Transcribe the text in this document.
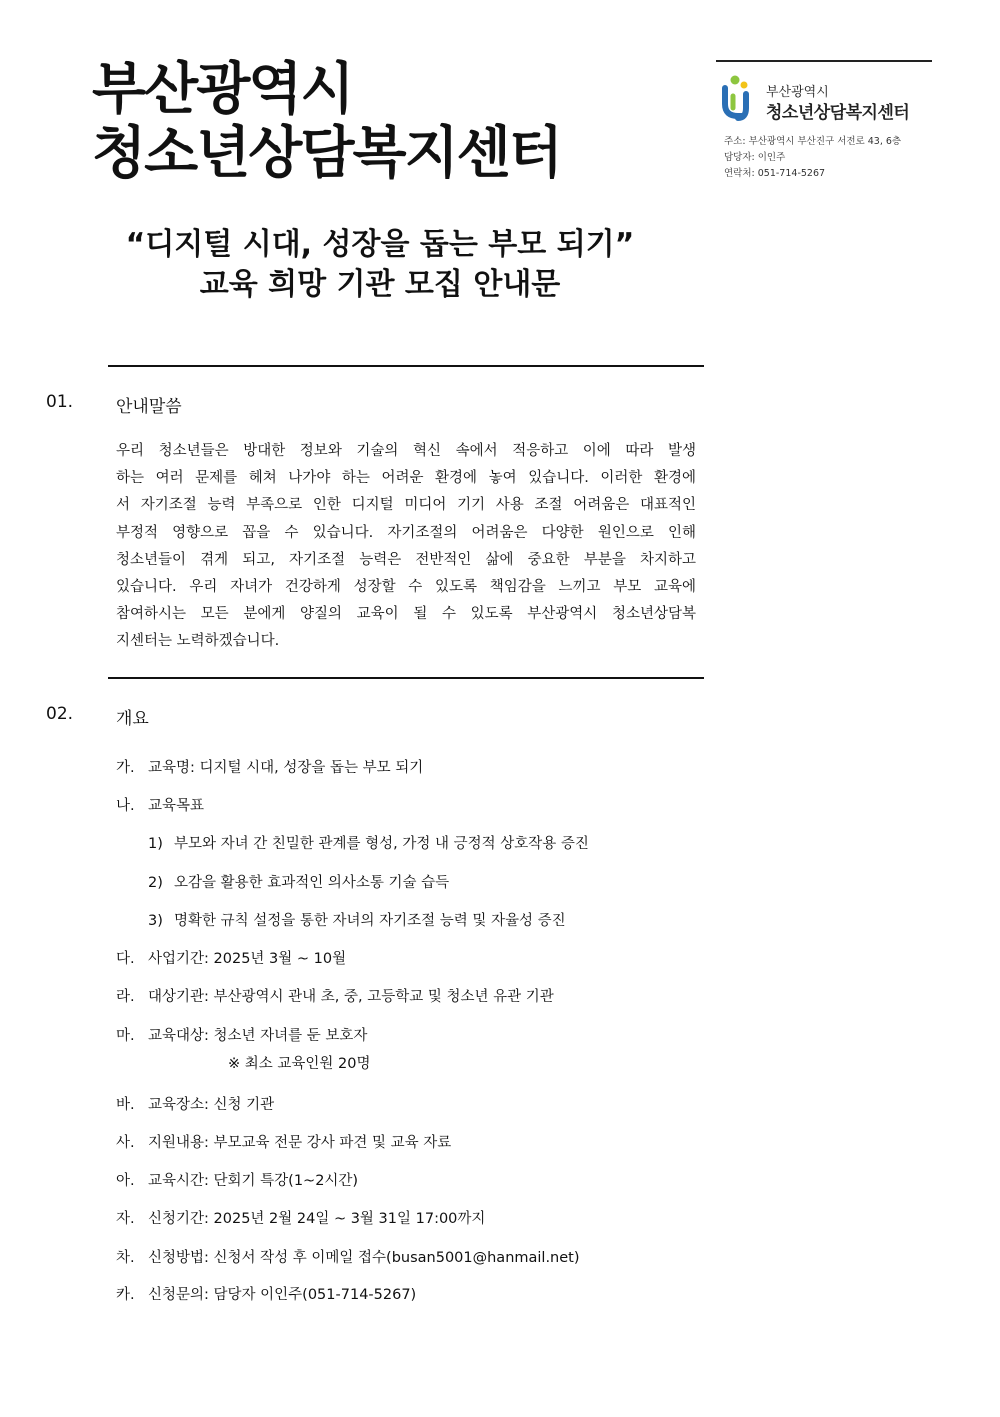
부산광역시
청소년상담복지센터
부산광역시
청소년상담복지센터
주소: 부산광역시 부산진구 서전로 43, 6층
담당자: 이인주
연락처: 051-714-5267
“디지털 시대, 성장을 돕는 부모 되기”
교육 희망 기관 모집 안내문
01.	안내말씀
우리 청소년들은 방대한 정보와 기술의 혁신 속에서 적응하고 이에 따라 발생
하는 여러 문제를 헤쳐 나가야 하는 어려운 환경에 놓여 있습니다. 이러한 환경에
서 자기조절 능력 부족으로 인한 디지털 미디어 기기 사용 조절 어려움은 대표적인
부정적 영향으로 꼽을 수 있습니다. 자기조절의 어려움은 다양한 원인으로 인해
청소년들이 겪게 되고, 자기조절 능력은 전반적인 삶에 중요한 부분을 차지하고
있습니다. 우리 자녀가 건강하게 성장할 수 있도록 책임감을 느끼고 부모 교육에
참여하시는 모든 분에게 양질의 교육이 될 수 있도록 부산광역시 청소년상담복
지센터는 노력하겠습니다.
02.	개요
가. 교육명: 디지털 시대, 성장을 돕는 부모 되기
나. 교육목표
1) 부모와 자녀 간 친밀한 관계를 형성, 가정 내 긍정적 상호작용 증진
2) 오감을 활용한 효과적인 의사소통 기술 습득
3) 명확한 규칙 설정을 통한 자녀의 자기조절 능력 및 자율성 증진
다. 사업기간: 2025년 3월 ~ 10월
라. 대상기관: 부산광역시 관내 초, 중, 고등학교 및 청소년 유관 기관
마. 교육대상: 청소년 자녀를 둔 보호자
※ 최소 교육인원 20명
바. 교육장소: 신청 기관
사. 지원내용: 부모교육 전문 강사 파견 및 교육 자료
아. 교육시간: 단회기 특강(1~2시간)
자. 신청기간: 2025년 2월 24일 ~ 3월 31일 17:00까지
차. 신청방법: 신청서 작성 후 이메일 접수(busan5001@hanmail.net)
카. 신청문의: 담당자 이인주(051-714-5267)
